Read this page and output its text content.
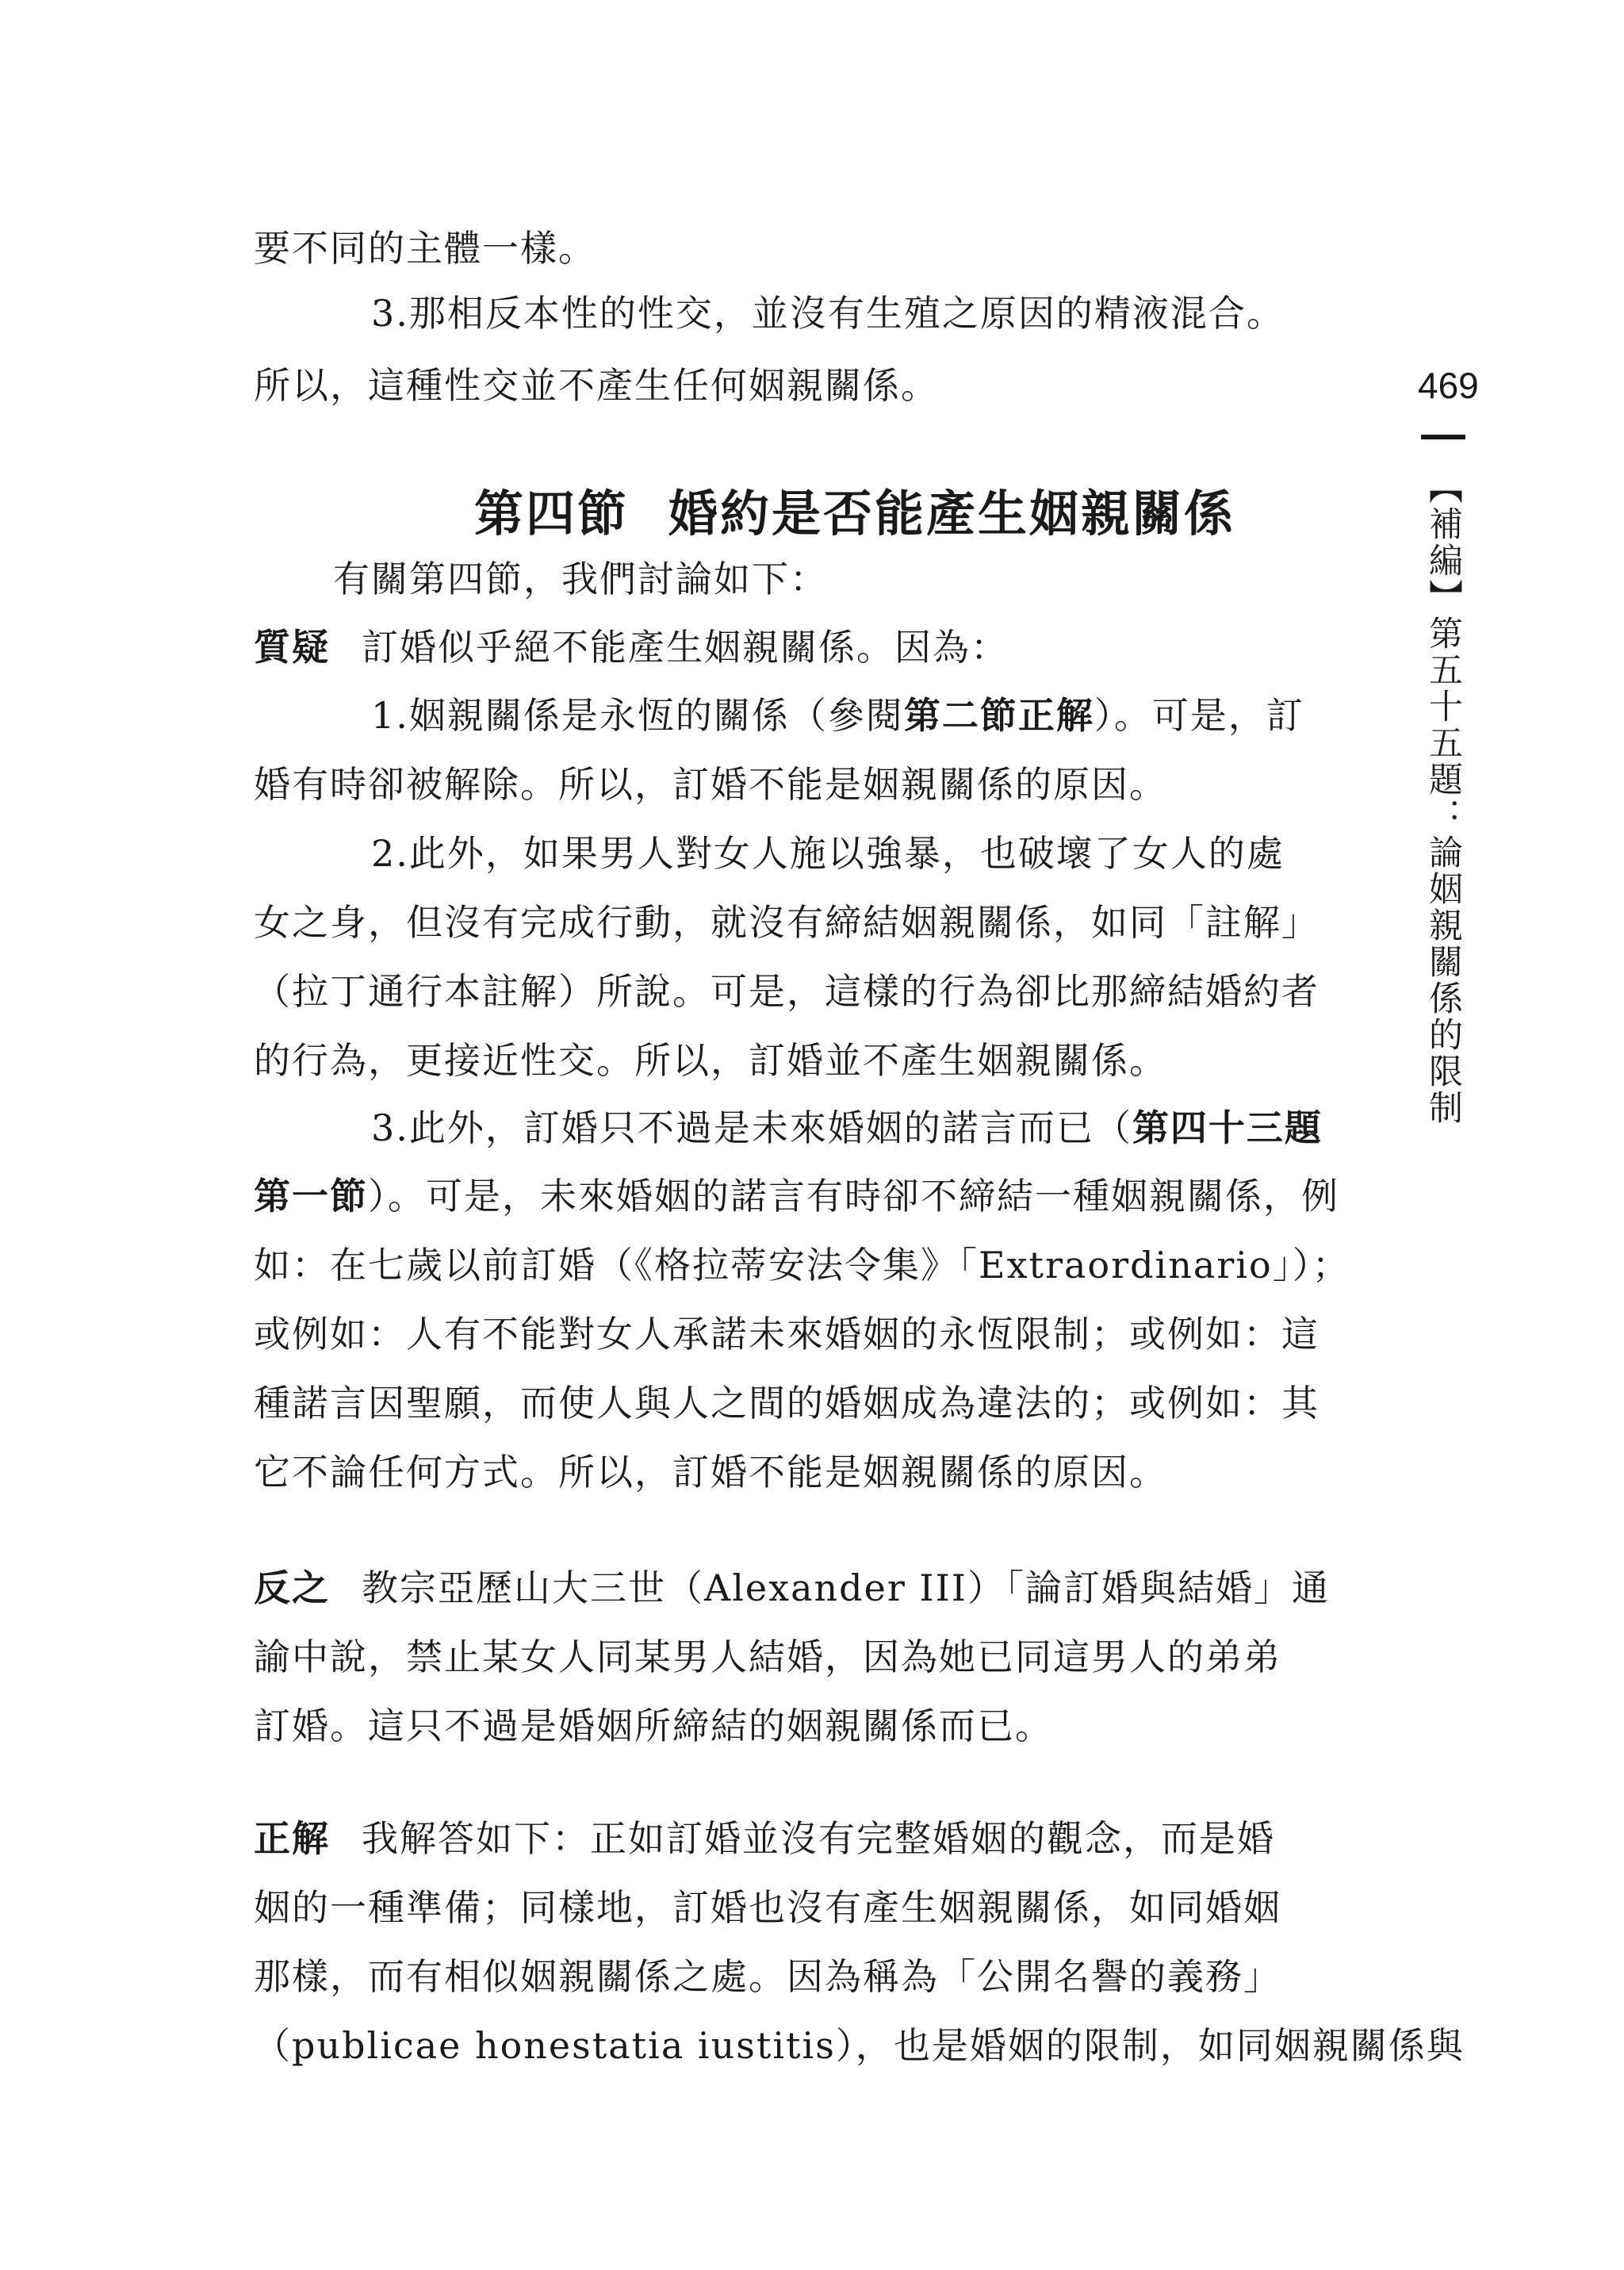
469
【補編】第五十五題：論姻親關係的限制
要不同的主體一樣。
3.那相反本性的性交，並沒有生殖之原因的精液混合。
所以，這種性交並不產生任何姻親關係。
第四節 婚約是否能產生姻親關係
有關第四節，我們討論如下：
質疑 訂婚似乎絕不能產生姻親關係。因為：
1.姻親關係是永恆的關係（參閱第二節正解）。可是，訂
婚有時卻被解除。所以，訂婚不能是姻親關係的原因。
2.此外，如果男人對女人施以強暴，也破壞了女人的處
女之身，但沒有完成行動，就沒有締結姻親關係，如同「註解」
（拉丁通行本註解）所說。可是，這樣的行為卻比那締結婚約者
的行為，更接近性交。所以，訂婚並不產生姻親關係。
3.此外，訂婚只不過是未來婚姻的諾言而已（第四十三題
第一節）。可是，未來婚姻的諾言有時卻不締結一種姻親關係，例
如：在七歲以前訂婚（《格拉蒂安法令集》「Extraordinario」）；
或例如：人有不能對女人承諾未來婚姻的永恆限制；或例如：這
種諾言因聖願，而使人與人之間的婚姻成為違法的；或例如：其
它不論任何方式。所以，訂婚不能是姻親關係的原因。
反之 教宗亞歷山大三世（Alexander III）「論訂婚與結婚」通
諭中說，禁止某女人同某男人結婚，因為她已同這男人的弟弟
訂婚。這只不過是婚姻所締結的姻親關係而已。
正解 我解答如下：正如訂婚並沒有完整婚姻的觀念，而是婚
姻的一種準備；同樣地，訂婚也沒有產生姻親關係，如同婚姻
那樣，而有相似姻親關係之處。因為稱為「公開名譽的義務」
（publicae honestatia iustitis），也是婚姻的限制，如同姻親關係與
